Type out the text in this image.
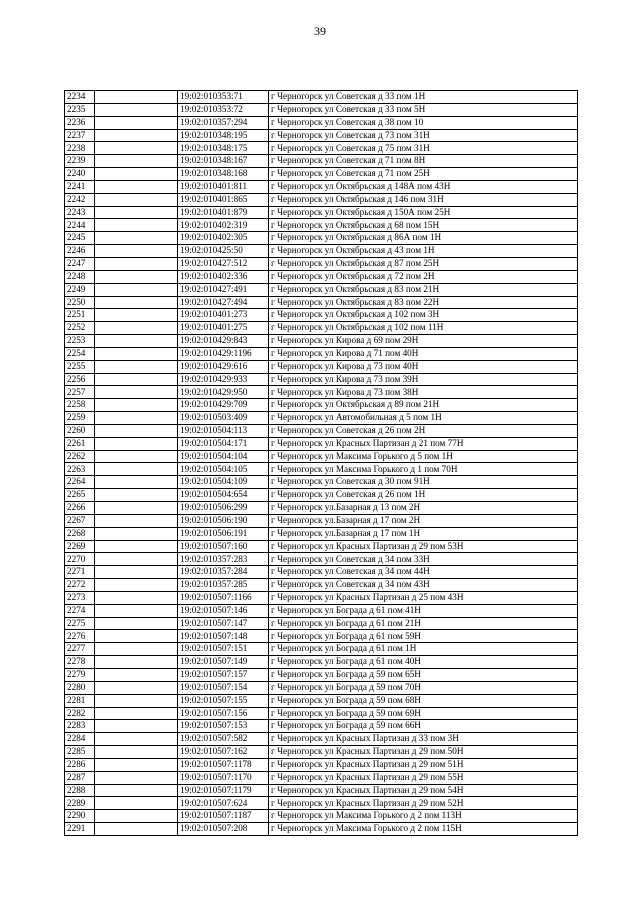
39
2234		19:02:010353:71	г Черногорск ул Советская д 33 пом 1Н
2235		19:02:010353:72	г Черногорск ул Советская д 33 пом 5Н
2236		19:02:010357:294	г Черногорск ул Советская д 38 пом 10
2237		19:02:010348:195	г Черногорск ул Советская д 73 пом 31Н
2238		19:02:010348:175	г Черногорск ул Советская д 75 пом 31Н
2239		19:02:010348:167	г Черногорск ул Советская д 71 пом 8Н
2240		19:02:010348:168	г Черногорск ул Советская д 71 пом 25Н
2241		19:02:010401:811	г Черногорск ул Октябрьская д 148А пом 43Н
2242		19:02:010401:865	г Черногорск ул Октябрьская д 146 пом 31Н
2243		19:02:010401:879	г Черногорск ул Октябрьская д 150А пом 25Н
2244		19:02:010402:319	г Черногорск ул Октябрьская д 68 пом 15Н
2245		19:02:010402:305	г Черногорск ул Октябрьская д 86А пом 1Н
2246		19:02:010425:50	г Черногорск ул Октябрьская д 43 пом 1Н
2247		19:02:010427:512	г Черногорск ул Октябрьская д 87 пом 25Н
2248		19:02:010402:336	г Черногорск ул Октябрьская д 72 пом 2Н
2249		19:02:010427:491	г Черногорск ул Октябрьская д 83 пом 21Н
2250		19:02:010427:494	г Черногорск ул Октябрьская д 83 пом 22Н
2251		19:02:010401:273	г Черногорск ул Октябрьская д 102 пом 3Н
2252		19:02:010401:275	г Черногорск ул Октябрьская д 102 пом 11Н
2253		19:02:010429:843	г Черногорск ул Кирова д 69 пом 29Н
2254		19:02:010429:1196	г Черногорск ул Кирова д 71 пом 40Н
2255		19:02:010429:616	г Черногорск ул Кирова д 73 пом 40Н
2256		19:02:010429:933	г Черногорск ул Кирова д 73 пом 39Н
2257		19:02:010429:950	г Черногорск ул Кирова д 73 пом 38Н
2258		19:02:010429:709	г Черногорск ул Октябрьская д 89 пом 21Н
2259		19:02:010503:409	г Черногорск ул Автомобильная д 5 пом 1Н
2260		19:02:010504:113	г Черногорск ул Советская д 26 пом 2Н
2261		19:02:010504:171	г Черногорск ул Красных Партизан д 21 пом 77Н
2262		19:02:010504:104	г Черногорск ул Максима Горького д 5 пом 1Н
2263		19:02:010504:105	г Черногорск ул Максима Горького д 1 пом 70Н
2264		19:02:010504:109	г Черногорск ул Советская д 30 пом 91Н
2265		19:02:010504:654	г Черногорск ул Советская д 26 пом 1Н
2266		19:02:010506:299	г Черногорск ул.Базарная д 13 пом 2Н
2267		19:02:010506:190	г Черногорск ул.Базарная д 17 пом 2Н
2268		19:02:010506:191	г Черногорск ул.Базарная д 17 пом 1Н
2269		19:02:010507:160	г Черногорск ул Красных Партизан д 29 пом 53Н
2270		19:02:010357:283	г Черногорск ул Советская д 34 пом 33Н
2271		19:02:010357:284	г Черногорск ул Советская д 34 пом 44Н
2272		19:02:010357:285	г Черногорск ул Советская д 34 пом 43Н
2273		19:02:010507:1166	г Черногорск ул Красных Партизан д 25 пом 43Н
2274		19:02:010507:146	г Черногорск ул Бограда д 61 пом 41Н
2275		19:02:010507:147	г Черногорск ул Бограда д 61 пом 21Н
2276		19:02:010507:148	г Черногорск ул Бограда д 61 пом 59Н
2277		19:02:010507:151	г Черногорск ул Бограда д 61 пом 1Н
2278		19:02:010507:149	г Черногорск ул Бограда д 61 пом 40Н
2279		19:02:010507:157	г Черногорск ул Бограда д 59 пом 65Н
2280		19:02:010507:154	г Черногорск ул Бограда д 59 пом 70Н
2281		19:02:010507:155	г Черногорск ул Бограда д 59 пом 68Н
2282		19:02:010507:156	г Черногорск ул Бограда д 59 пом 69Н
2283		19:02:010507:153	г Черногорск ул Бограда д 59 пом 66Н
2284		19:02:010507:582	г Черногорск ул Красных Партизан д 33 пом 3Н
2285		19:02:010507:162	г Черногорск ул Красных Партизан д 29 пом 50Н
2286		19:02:010507:1178	г Черногорск ул Красных Партизан д 29 пом 51Н
2287		19:02:010507:1170	г Черногорск ул Красных Партизан д 29 пом 55Н
2288		19:02:010507:1179	г Черногорск ул Красных Партизан д 29 пом 54Н
2289		19:02:010507:624	г Черногорск ул Красных Партизан д 29 пом 52Н
2290		19:02:010507:1187	г Черногорск ул Максима Горького д 2 пом 113Н
2291		19:02:010507:208	г Черногорск ул Максима Горького д 2 пом 115Н
